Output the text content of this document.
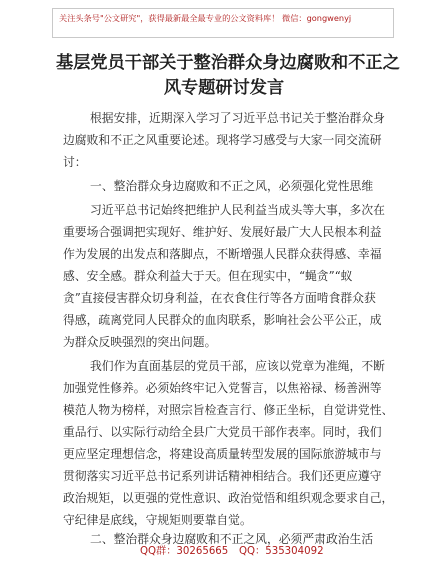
关注头条号"公文研究"，获得最新最全最专业的公文资料库！ 微信：gongwenyj
基层党员干部关于整治群众身边腐败和不正之
风专题研讨发言
根据安排，近期深入学习了习近平总书记关于整治群众身
边腐败和不正之风重要论述。现将学习感受与大家一同交流研
讨：
一、整治群众身边腐败和不正之风，必须强化党性思维
习近平总书记始终把维护人民利益当成头等大事，多次在
重要场合强调把实现好、维护好、发展好最广大人民根本利益
作为发展的出发点和落脚点，不断增强人民群众获得感、幸福
感、安全感。群众利益大于天。但在现实中，“蝇贪”“蚁
贪”直接侵害群众切身利益，在衣食住行等各方面啃食群众获
得感，疏离党同人民群众的血肉联系，影响社会公平公正，成
为群众反映强烈的突出问题。
我们作为直面基层的党员干部，应该以党章为准绳，不断
加强党性修养。必须始终牢记入党誓言，以焦裕禄、杨善洲等
模范人物为榜样，对照宗旨检查言行、修正坐标，自觉讲党性、
重品行、以实际行动给全县广大党员干部作表率。同时，我们
更应坚定理想信念，将建设高质量转型发展的国际旅游城市与
贯彻落实习近平总书记系列讲话精神相结合。我们还更应遵守
政治规矩，以更强的党性意识、政治觉悟和组织观念要求自己，
守纪律是底线，守规矩则要靠自觉。
二、整治群众身边腐败和不正之风，必须严肃政治生活
QQ群：30265665 QQ：535304092
